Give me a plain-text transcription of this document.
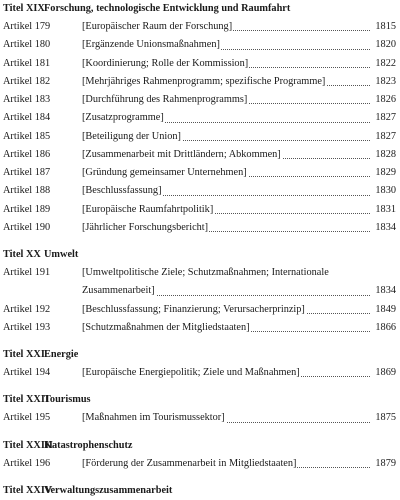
Titel XIXForschung, technologische Entwicklung und Raumfahrt
Artikel 179	[Europäischer Raum der Forschung]	1815
Artikel 180	[Ergänzende Unionsmaßnahmen]	1820
Artikel 181	[Koordinierung; Rolle der Kommission]	1822
Artikel 182	[Mehrjähriges Rahmenprogramm; spezifische Programme]	1823
Artikel 183	[Durchführung des Rahmenprogramms]	1826
Artikel 184	[Zusatzprogramme]	1827
Artikel 185	[Beteiligung der Union]	1827
Artikel 186	[Zusammenarbeit mit Drittländern; Abkommen]	1828
Artikel 187	[Gründung gemeinsamer Unternehmen]	1829
Artikel 188	[Beschlussfassung]	1830
Artikel 189	[Europäische Raumfahrtpolitik]	1831
Artikel 190	[Jährlicher Forschungsbericht]	1834
Titel XX Umwelt
Artikel 191	[Umweltpolitische Ziele; Schutzmaßnahmen; Internationale
Zusammenarbeit]	1834
Artikel 192	[Beschlussfassung; Finanzierung; Verursacherprinzip]	1849
Artikel 193	[Schutzmaßnahmen der Mitgliedstaaten]	1866
Titel XXIEnergie
Artikel 194	[Europäische Energiepolitik; Ziele und Maßnahmen]	1869
Titel XXIITourismus
Artikel 195	[Maßnahmen im Tourismussektor]	1875
Titel XXIIIKatastrophenschutz
Artikel 196	[Förderung der Zusammenarbeit in Mitgliedstaaten]	1879
Titel XXIVVerwaltungszusammenarbeit
